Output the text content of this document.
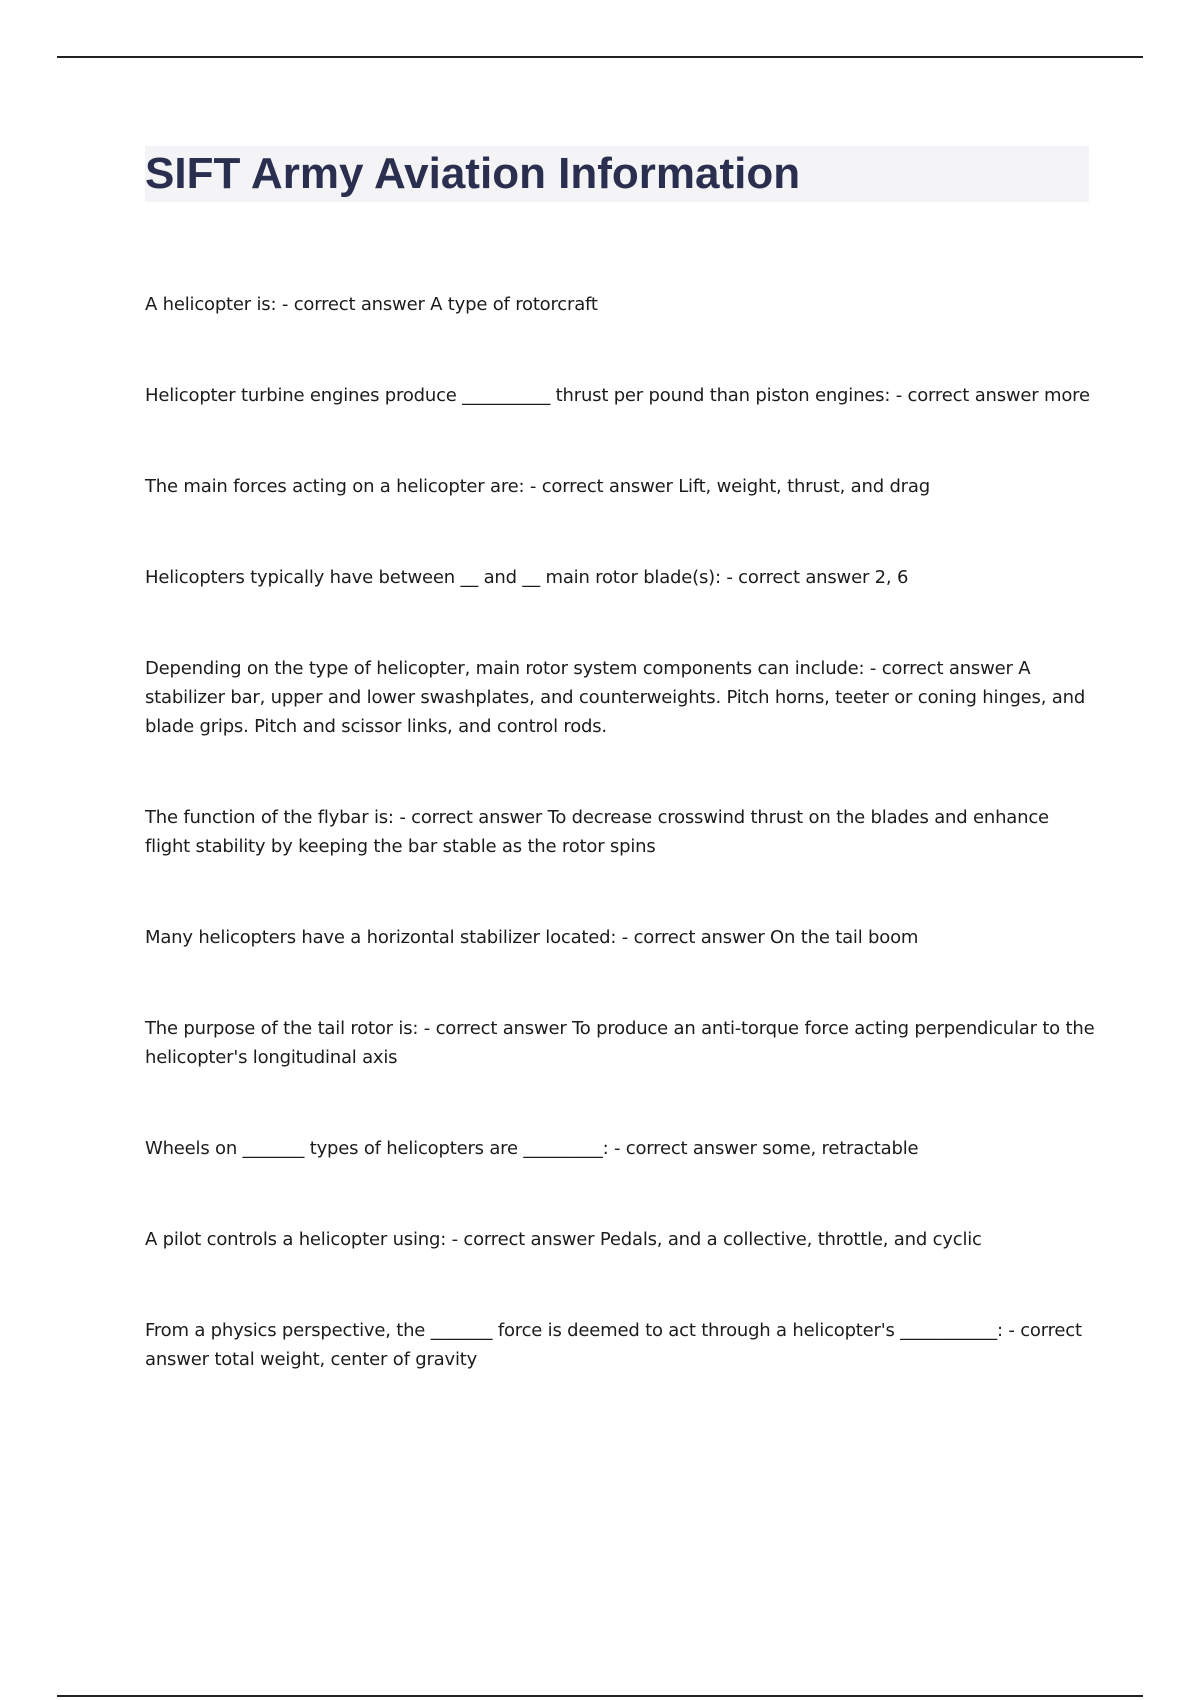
SIFT Army Aviation Information

A helicopter is: - correct answer A type of rotorcraft

Helicopter turbine engines produce __________ thrust per pound than piston engines: - correct answer more

The main forces acting on a helicopter are: - correct answer Lift, weight, thrust, and drag

Helicopters typically have between __ and __ main rotor blade(s): - correct answer 2, 6

Depending on the type of helicopter, main rotor system components can include: - correct answer A stabilizer bar, upper and lower swashplates, and counterweights. Pitch horns, teeter or coning hinges, and blade grips. Pitch and scissor links, and control rods.

The function of the flybar is: - correct answer To decrease crosswind thrust on the blades and enhance flight stability by keeping the bar stable as the rotor spins

Many helicopters have a horizontal stabilizer located: - correct answer On the tail boom

The purpose of the tail rotor is: - correct answer To produce an anti-torque force acting perpendicular to the helicopter's longitudinal axis

Wheels on _______ types of helicopters are _________: - correct answer some, retractable

A pilot controls a helicopter using: - correct answer Pedals, and a collective, throttle, and cyclic

From a physics perspective, the _______ force is deemed to act through a helicopter's ___________: - correct answer total weight, center of gravity
